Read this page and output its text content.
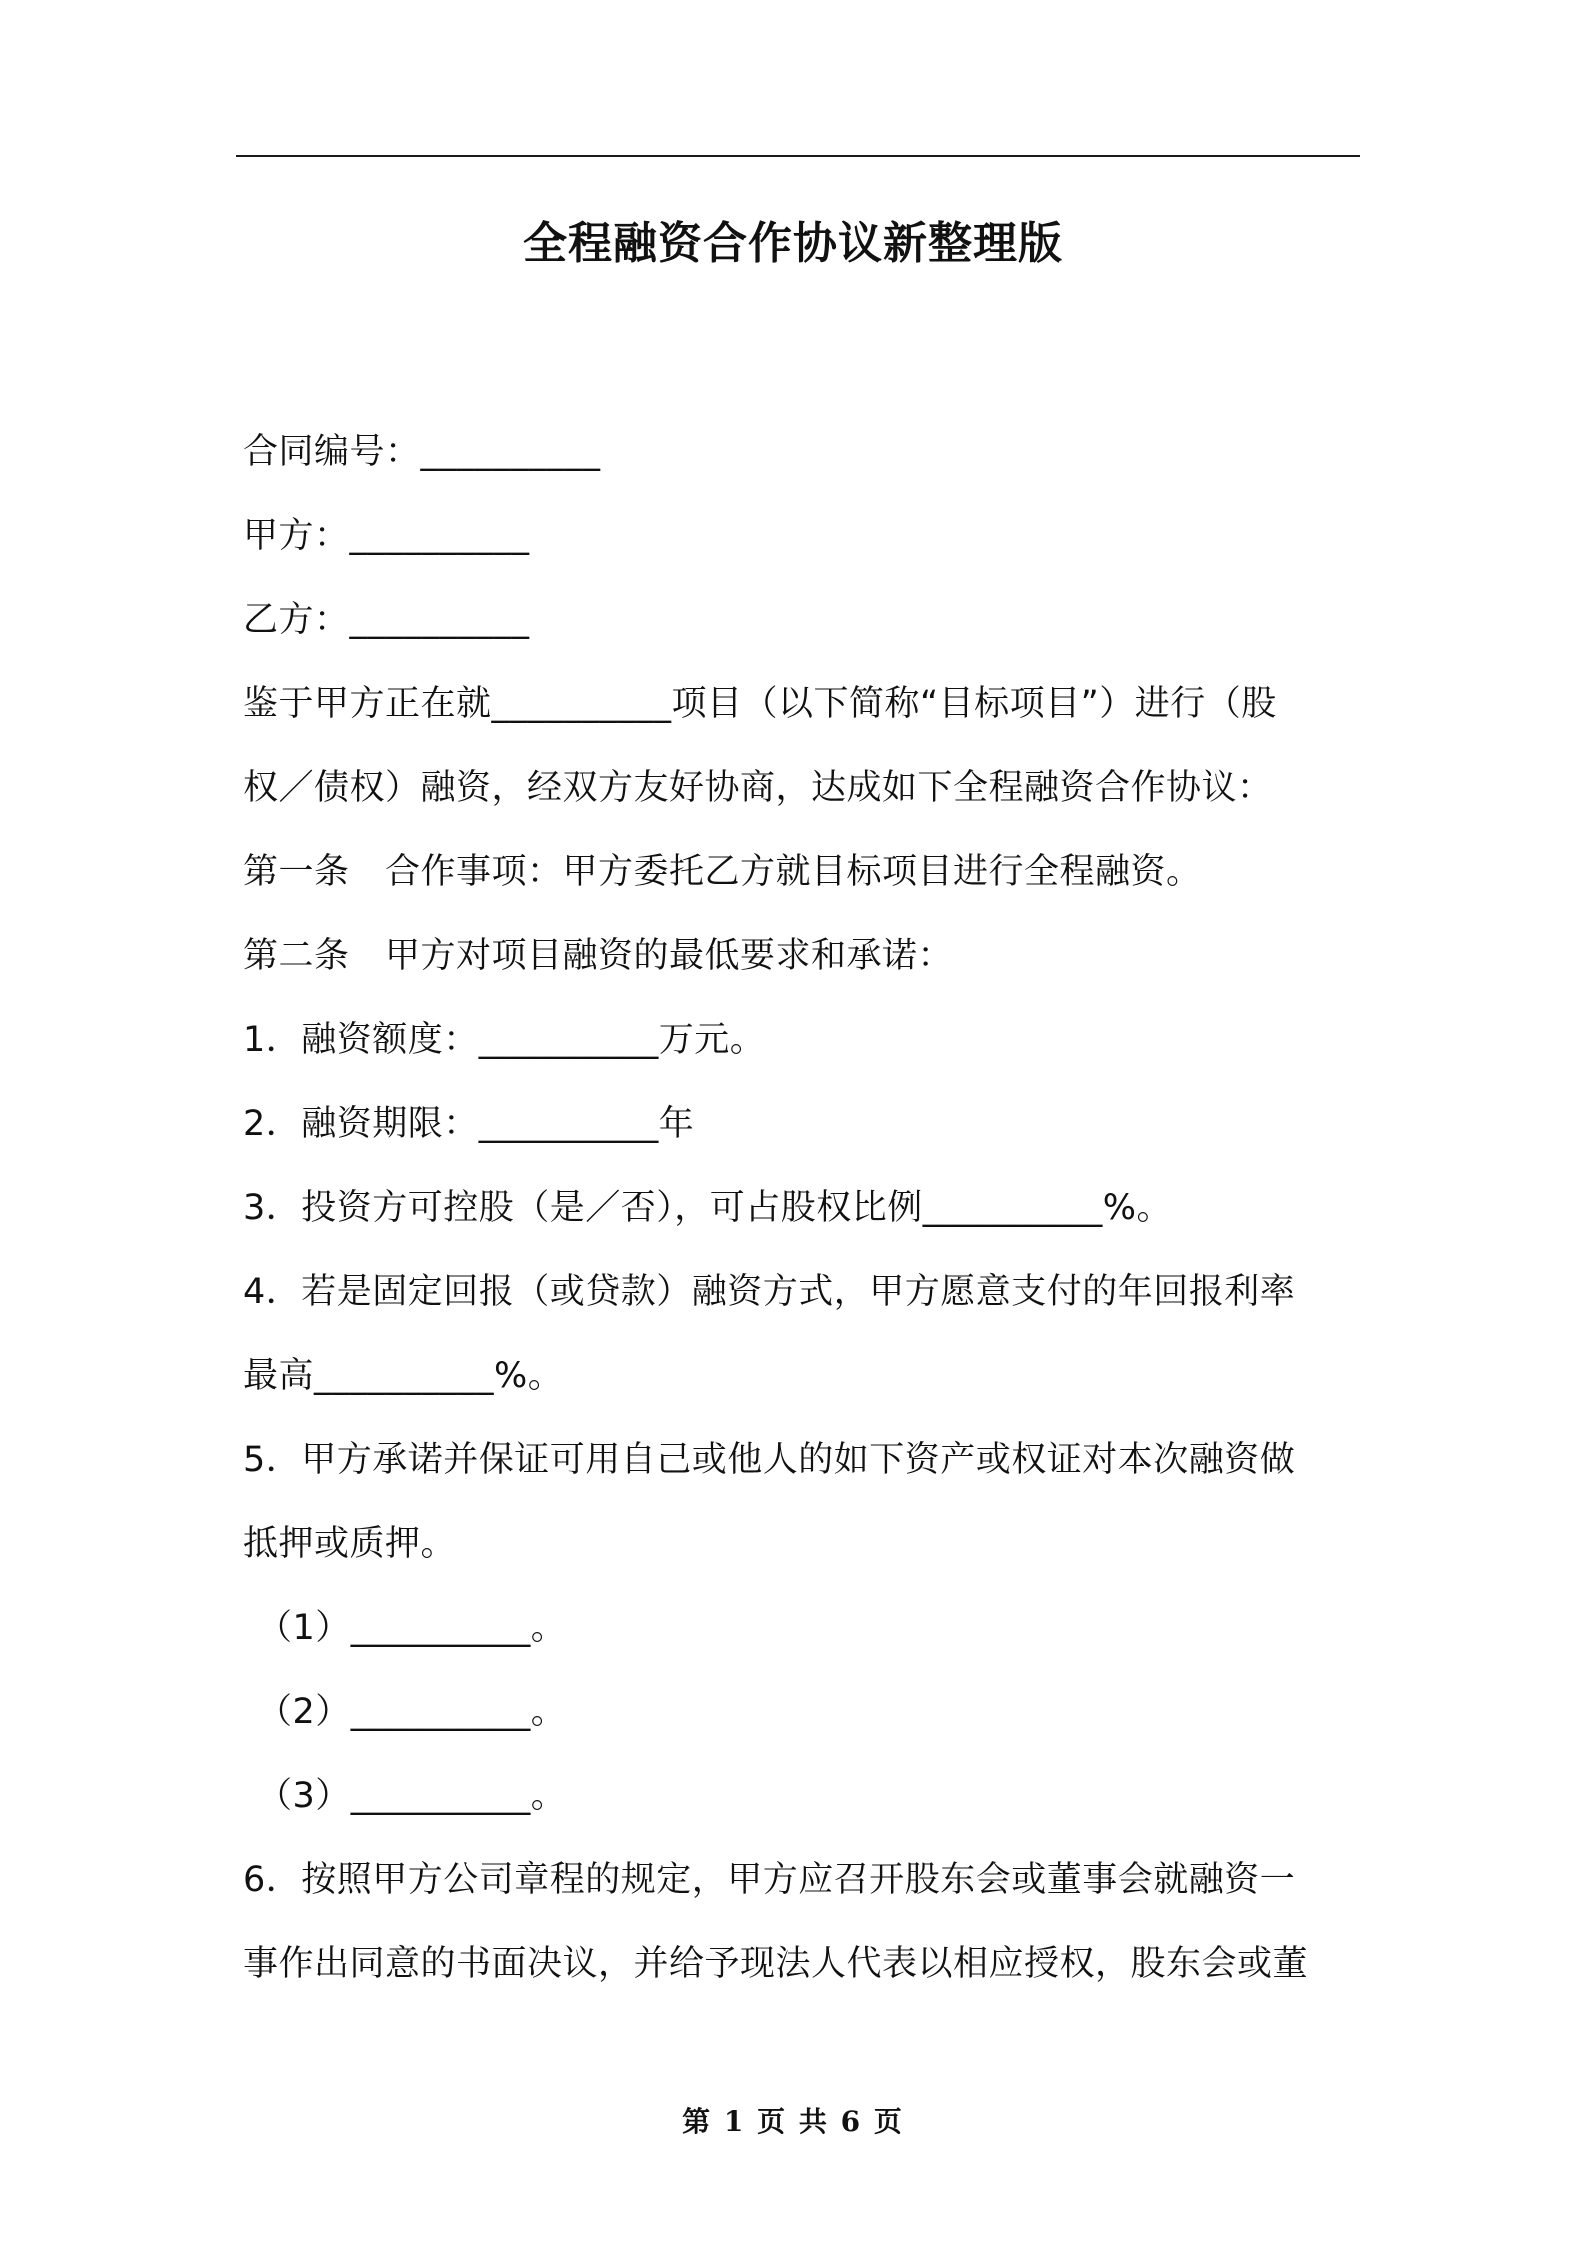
全程融资合作协议新整理版
合同编号：__________
甲方：__________
乙方：__________
鉴于甲方正在就__________项目（以下简称“目标项目”）进行（股
权／债权）融资，经双方友好协商，达成如下全程融资合作协议：
第一条　合作事项：甲方委托乙方就目标项目进行全程融资。
第二条　甲方对项目融资的最低要求和承诺：
1．融资额度：__________万元。
2．融资期限：__________年
3．投资方可控股（是／否），可占股权比例__________%。
4．若是固定回报（或贷款）融资方式，甲方愿意支付的年回报利率
最高__________%。
5．甲方承诺并保证可用自己或他人的如下资产或权证对本次融资做
抵押或质押。
（1）__________。
（2）__________。
（3）__________。
6．按照甲方公司章程的规定，甲方应召开股东会或董事会就融资一
事作出同意的书面决议，并给予现法人代表以相应授权，股东会或董
第 1 页 共 6 页
